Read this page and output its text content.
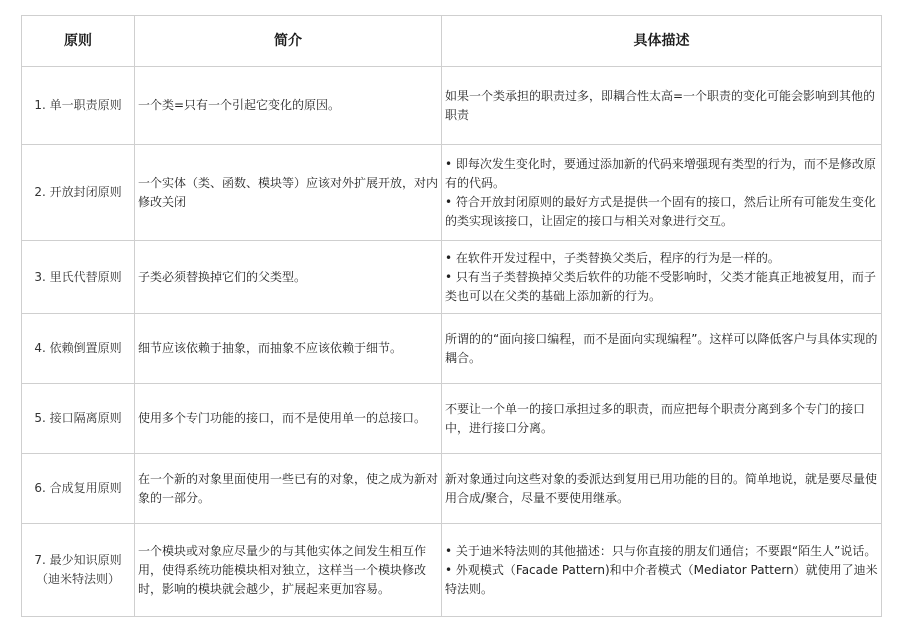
原则	简介	具体描述

1. 单一职责原则	一个类=只有一个引起它变化的原因。	如果一个类承担的职责过多，即耦合性太高=一个职责的变化可能会影响到其他的职责

2. 开放封闭原则	一个实体（类、函数、模块等）应该对外扩展开放，对内修改关闭	• 即每次发生变化时，要通过添加新的代码来增强现有类型的行为，而不是修改原有的代码。
• 符合开放封闭原则的最好方式是提供一个固有的接口，然后让所有可能发生变化的类实现该接口，让固定的接口与相关对象进行交互。

3. 里氏代替原则	子类必须替换掉它们的父类型。	• 在软件开发过程中，子类替换父类后，程序的行为是一样的。
• 只有当子类替换掉父类后软件的功能不受影响时，父类才能真正地被复用，而子类也可以在父类的基础上添加新的行为。

4. 依赖倒置原则	细节应该依赖于抽象，而抽象不应该依赖于细节。	所谓的的“面向接口编程，而不是面向实现编程”。这样可以降低客户与具体实现的耦合。

5. 接口隔离原则	使用多个专门功能的接口，而不是使用单一的总接口。	不要让一个单一的接口承担过多的职责，而应把每个职责分离到多个专门的接口中，进行接口分离。

6. 合成复用原则	在一个新的对象里面使用一些已有的对象，使之成为新对象的一部分。	新对象通过向这些对象的委派达到复用已用功能的目的。简单地说，就是要尽量使用合成/聚合，尽量不要使用继承。

7. 最少知识原则
（迪米特法则）	一个模块或对象应尽量少的与其他实体之间发生相互作用，使得系统功能模块相对独立，这样当一个模块修改时，影响的模块就会越少，扩展起来更加容易。	• 关于迪米特法则的其他描述：只与你直接的朋友们通信；不要跟“陌生人”说话。
• 外观模式（Facade Pattern)和中介者模式（Mediator Pattern）就使用了迪米特法则。
